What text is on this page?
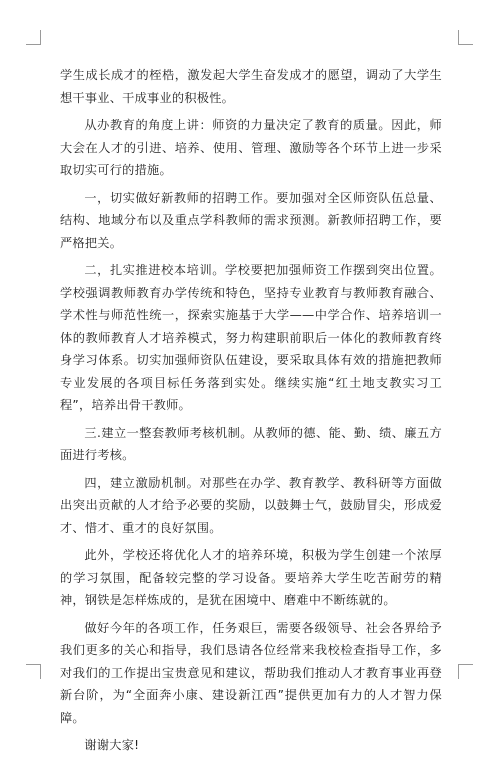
学生成长成才的桎梏，激发起大学生奋发成才的愿望，调动了大学生想干事业、干成事业的积极性。

从办教育的角度上讲：师资的力量决定了教育的质量。因此，师大会在人才的引进、培养、使用、管理、激励等各个环节上进一步采取切实可行的措施。

一，切实做好新教师的招聘工作。要加强对全区师资队伍总量、结构、地域分布以及重点学科教师的需求预测。新教师招聘工作，要严格把关。

二，扎实推进校本培训。学校要把加强师资工作摆到突出位置。学校强调教师教育办学传统和特色，坚持专业教育与教师教育融合、学术性与师范性统一，探索实施基于大学——中学合作、培养培训一体的教师教育人才培养模式，努力构建职前职后一体化的教师教育终身学习体系。切实加强师资队伍建设，要采取具体有效的措施把教师专业发展的各项目标任务落到实处。继续实施“红土地支教实习工程”，培养出骨干教师。

三.建立一整套教师考核机制。从教师的德、能、勤、绩、廉五方面进行考核。

四，建立激励机制。对那些在办学、教育教学、教科研等方面做出突出贡献的人才给予必要的奖励，以鼓舞士气，鼓励冒尖，形成爱才、惜才、重才的良好氛围。

此外，学校还将优化人才的培养环境，积极为学生创建一个浓厚的学习氛围，配备较完整的学习设备。要培养大学生吃苦耐劳的精神，钢铁是怎样炼成的，是犹在困境中、磨难中不断练就的。

做好今年的各项工作，任务艰巨，需要各级领导、社会各界给予我们更多的关心和指导，我们恳请各位经常来我校检查指导工作，多对我们的工作提出宝贵意见和建议，帮助我们推动人才教育事业再登新台阶，为“全面奔小康、建设新江西”提供更加有力的人才智力保障。

谢谢大家!
